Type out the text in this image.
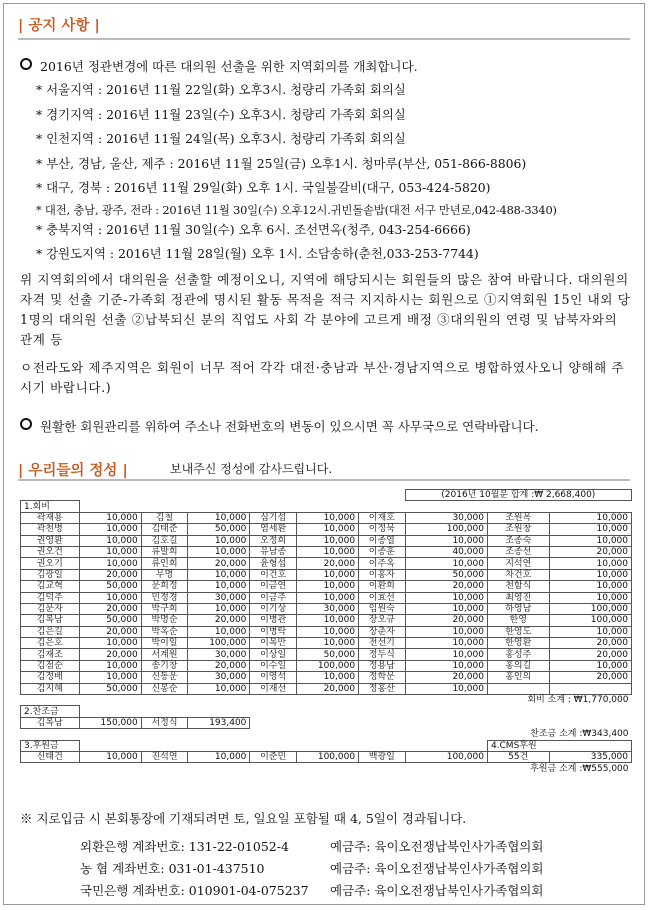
| 공지 사항 |
2016년 정관변경에 따른 대의원 선출을 위한 지역회의를 개최합니다.
* 서울지역 : 2016년 11월 22일(화) 오후3시. 청량리 가족회 회의실
* 경기지역 : 2016년 11월 23일(수) 오후3시. 청량리 가족회 회의실
* 인천지역 : 2016년 11월 24일(목) 오후3시. 청량리 가족회 회의실
* 부산, 경남, 울산, 제주 : 2016년 11월 25일(금) 오후1시. 청마루(부산, 051-866-8806)
* 대구, 경북 : 2016년 11월 29일(화) 오후 1시. 국일불갈비(대구, 053-424-5820)
* 대전, 충남, 광주, 전라 : 2016년 11월 30일(수) 오후12시.귀빈돌솥밥(대전 서구 만년로,042-488-3340)
* 충북지역 : 2016년 11월 30일(수) 오후 6시. 조선면옥(청주, 043-254-6666)
* 강원도지역 : 2016년 11월 28일(월) 오후 1시. 소담송하(춘천,033-253-7744)
위 지역회의에서 대의원을 선출할 예정이오니, 지역에 해당되시는 회원들의 많은 참여 바랍니다. 대의원의 자격 및 선출 기준-가족회 정관에 명시된 활동 목적을 적극 지지하시는 회원으로 ①지역회원 15인 내외 당 1명의 대의원 선출 ②납북되신 분의 직업도 사회 각 분야에 고르게 배정 ③대의원의 연령 및 납북자와의 관계 등
ㅇ전라도와 제주지역은 회원이 너무 적어 각각 대전·충남과 부산·경남지역으로 병합하였사오니 양해해 주시기 바랍니다.)
원활한 회원관리를 위하여 주소나 전화번호의 변동이 있으시면 꼭 사무국으로 연락바랍니다.
| 우리들의 정성 |	보내주신 정성에 감사드립니다.
							(2016년 10월분 합계 :₩ 2,668,400)		
1.회비									
곽재용	10,000	김철	10,000	심기섭	10,000	이재호	30,000	조원목	10,000
곽천병	10,000	김태준	50,000	염세환	10,000	이정묵	100,000	조원창	10,000
권영환	10,000	김호길	10,000	오정희	10,000	이종열	10,000	조종숙	10,000
권오건	10,000	류발희	10,000	유남종	10,000	이종훈	40,000	조종선	20,000
권오기	10,000	류인희	20,000	윤형섭	20,000	이주옥	10,000	지석연	10,000
김광일	20,000	무명	10,000	이건호	10,000	이홍자	50,000	차건호	10,000
김교혁	50,000	문희정	10,000	이금연	10,000	이환희	20,000	천함식	10,000
김덕주	10,000	민정경	30,000	이금주	10,000	이효선	10,000	최영진	10,000
김문자	20,000	박구희	10,000	이기상	30,000	임원숙	10,000	하영남	100,000
김복남	50,000	박명순	20,000	이병관	10,000	장오규	20,000	한영	100,000
김은길	20,000	박옥순	10,000	이병탁	10,000	장춘자	10,000	한영도	10,000
김은호	10,000	박이일	100,000	이복만	10,000	전선기	10,000	한영환	20,000
김재조	20,000	서계원	30,000	이상일	50,000	정두식	10,000	홍성주	20,000
김점순	10,000	송기창	20,000	이수일	100,000	정용남	10,000	홍의길	10,000
김정배	10,000	신동운	30,000	이영석	10,000	정학문	20,000	홍인의	20,000
김지혜	50,000	신봉순	10,000	이재선	20,000	정홍산	10,000		
							회비 소계 : ₩1,770,000		
2.찬조금									
김복남	150,000	서정식	193,400						
							찬조금 소계 :₩343,400		
3.후원금								4.CMS후원	
신태건	10,000	진석연	10,000	이준민	100,000	백광일	100,000	55건	335,000
							후원금 소계 :₩555,000		
※ 지로입금 시 본회통장에 기재되려면 토, 일요일 포함될 때 4, 5일이 경과됩니다.
외환은행 계좌번호: 131-22-01052-4	예금주: 육이오전쟁납북인사가족협의회
농 협 계좌번호: 031-01-437510	예금주: 육이오전쟁납북인사가족협의회
국민은행 계좌번호: 010901-04-075237 예금주: 육이오전쟁납북인사가족협의회
